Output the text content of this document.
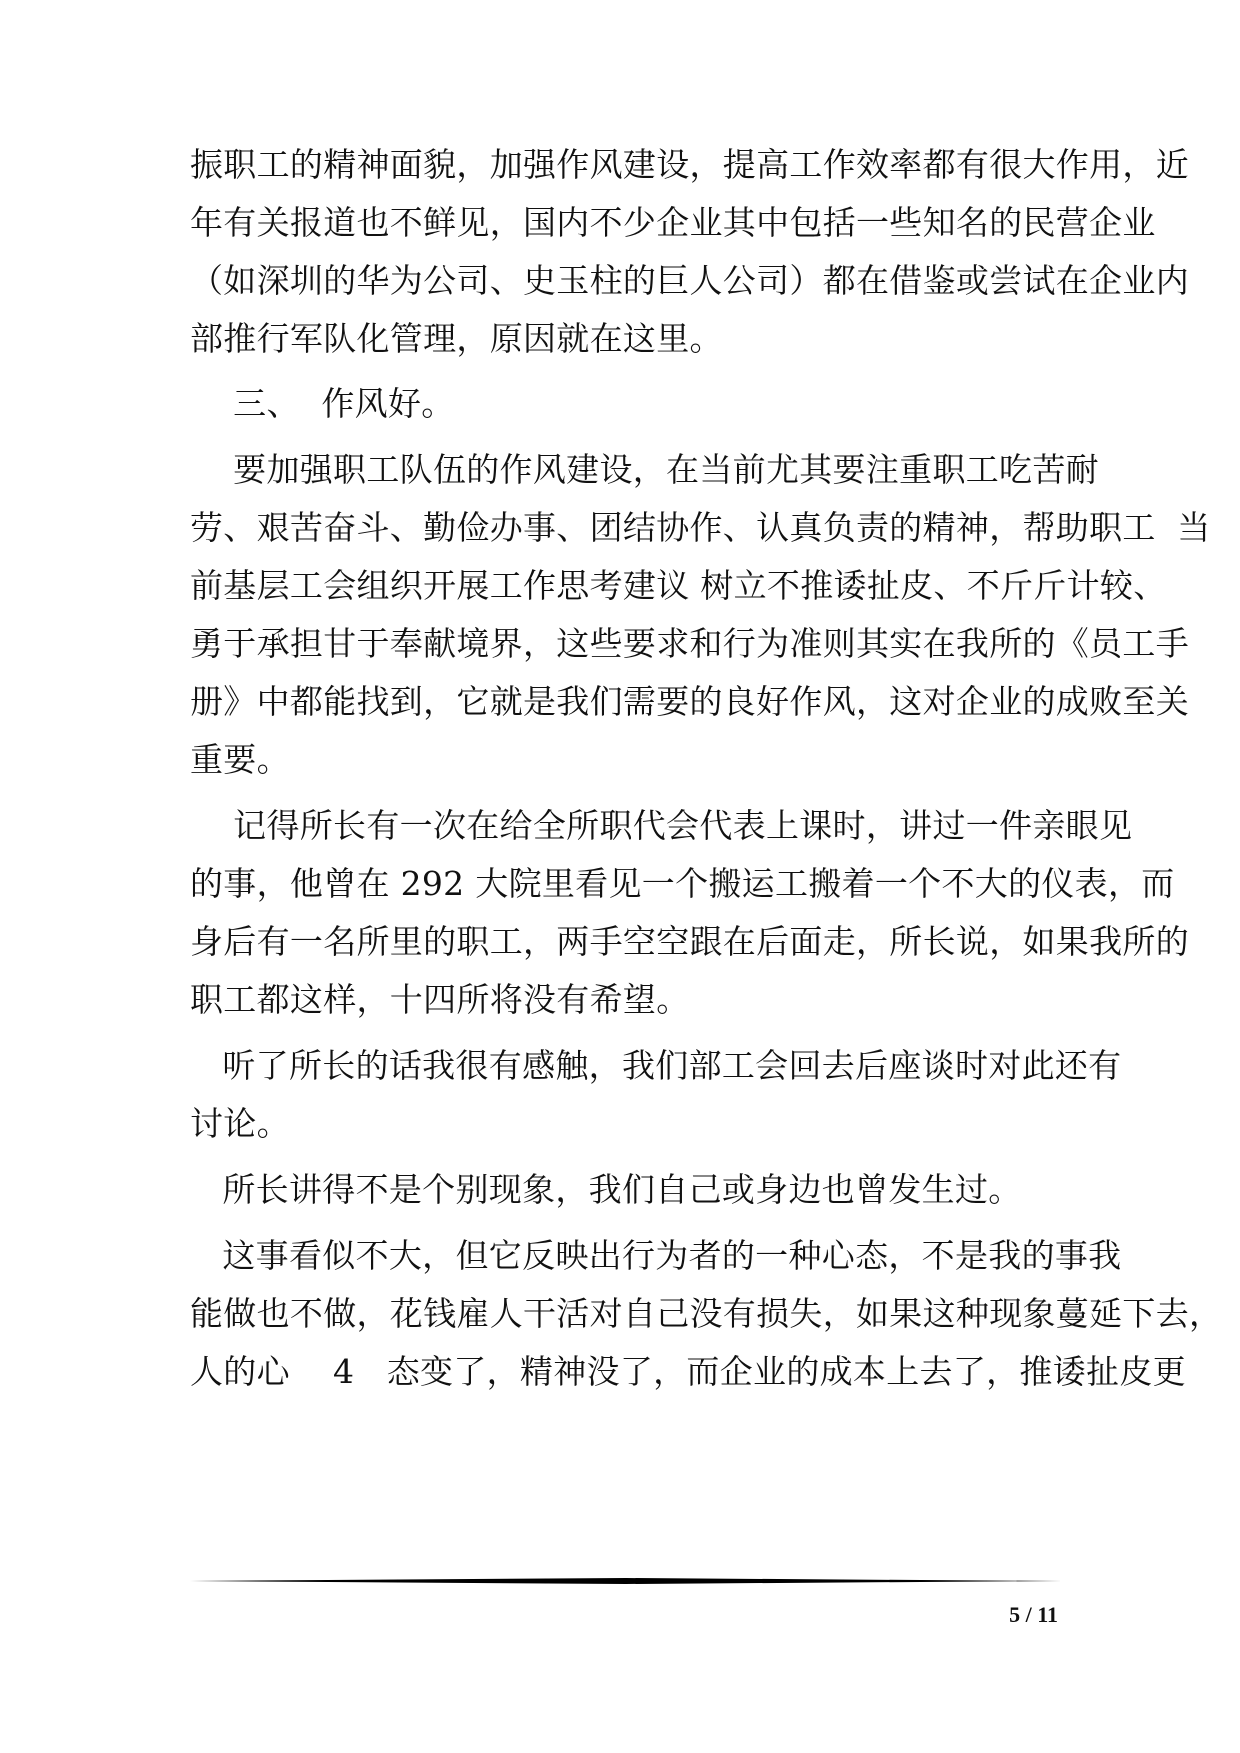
振职工的精神面貌，加强作风建设，提高工作效率都有很大作用，近
年有关报道也不鲜见，国内不少企业其中包括一些知名的民营企业
（如深圳的华为公司、史玉柱的巨人公司）都在借鉴或尝试在企业内
部推行军队化管理，原因就在这里。
三、  作风好。
要加强职工队伍的作风建设，在当前尤其要注重职工吃苦耐
劳、艰苦奋斗、勤俭办事、团结协作、认真负责的精神，帮助职工  当
前基层工会组织开展工作思考建议 树立不推诿扯皮、不斤斤计较、
勇于承担甘于奉献境界，这些要求和行为准则其实在我所的《员工手
册》中都能找到，它就是我们需要的良好作风，这对企业的成败至关
重要。
记得所长有一次在给全所职代会代表上课时，讲过一件亲眼见
的事，他曾在 292 大院里看见一个搬运工搬着一个不大的仪表，而
身后有一名所里的职工，两手空空跟在后面走，所长说，如果我所的
职工都这样，十四所将没有希望。
听了所长的话我很有感触，我们部工会回去后座谈时对此还有
讨论。
所长讲得不是个别现象，我们自己或身边也曾发生过。
这事看似不大，但它反映出行为者的一种心态，不是我的事我
能做也不做，花钱雇人干活对自己没有损失，如果这种现象蔓延下去，
人的心    4   态变了，精神没了，而企业的成本上去了，推诿扯皮更
5 / 11
